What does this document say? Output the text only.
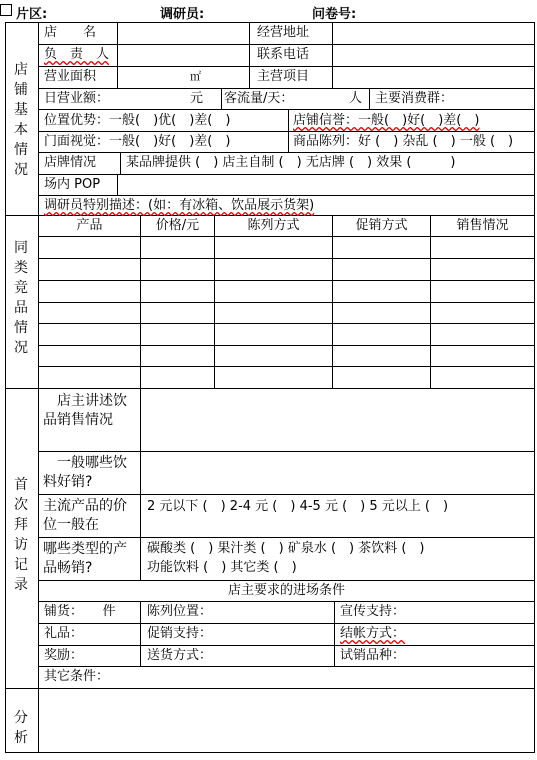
片区:	调研员:	问卷号:
店
铺
基
本
情
况
同
类
竞
品
情
况
首
次
拜
访
记
录
分
析
店　　名	经营地址
负　责　人	联系电话
营业面积	㎡	主营项目
日营业额：	元 客流量/天：	人 主要消费群：
位置优势：一般(　)优(　)差(　)	店铺信誉：一般(　)好(　)差(　)
门面视觉：一般(　)好(　)差(　)	商品陈列：好 (　) 杂乱 (　) 一般 (　)
店牌情况 某品牌提供 (　) 店主自制 (　) 无店牌 (　) 效果 (　　　)
场内 POP
调研员特别描述：(如：有冰箱、饮品展示货架)
产品	价格/元	陈列方式	促销方式	销售情况
　店主讲述饮品销售情况
　一般哪些饮料好销?
主流产品的价位一般在
2 元以下 (　) 2-4 元 (　) 4-5 元 (　) 5 元以上 (　)
哪些类型的产品畅销?
碳酸类 (　) 果汁类 (　) 矿泉水 (　) 茶饮料 (　)
功能饮料 (　) 其它类 (　)
店主要求的进场条件
铺货：　　件 陈列位置：	宣传支持：
礼品：	促销支持：	结帐方式：
奖励：	送货方式：	试销品种：
其它条件：
